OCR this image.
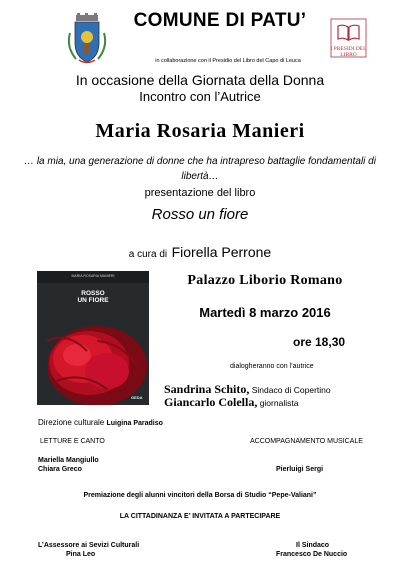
COMUNE DI PATU’
in collaborazione con il Presidio del Libro del Capo di Leuca
I PRESIDI DEL LIBRO
In occasione della Giornata della Donna
Incontro con l’Autrice
Maria Rosaria Manieri
… la mia, una generazione di donne che ha intrapreso battaglie fondamentali di
libertà…
presentazione del libro
Rosso un fiore
a cura di Fiorella Perrone
MARIA ROSARIA MANIERI
ROSSO
UN FIORE
GEDA
Palazzo Liborio Romano
Martedì 8 marzo 2016
ore 18,30
dialogheranno con l’autrice
Sandrina Schito, Sindaco di Copertino
Giancarlo Colella, giornalista
Direzione culturale Luigina Paradiso
LETTURE E CANTO	ACCOMPAGNAMENTO MUSICALE
Mariella Mangiullo
Chiara Greco	Pierluigi Sergi
Premiazione degli alunni vincitori della Borsa di Studio “Pepe-Valiani”
LA CITTADINANZA E’ INVITATA A PARTECIPARE
L’Assessore ai Sevizi Culturali
Pina Leo
Il Sindaco
Francesco De Nuccio
